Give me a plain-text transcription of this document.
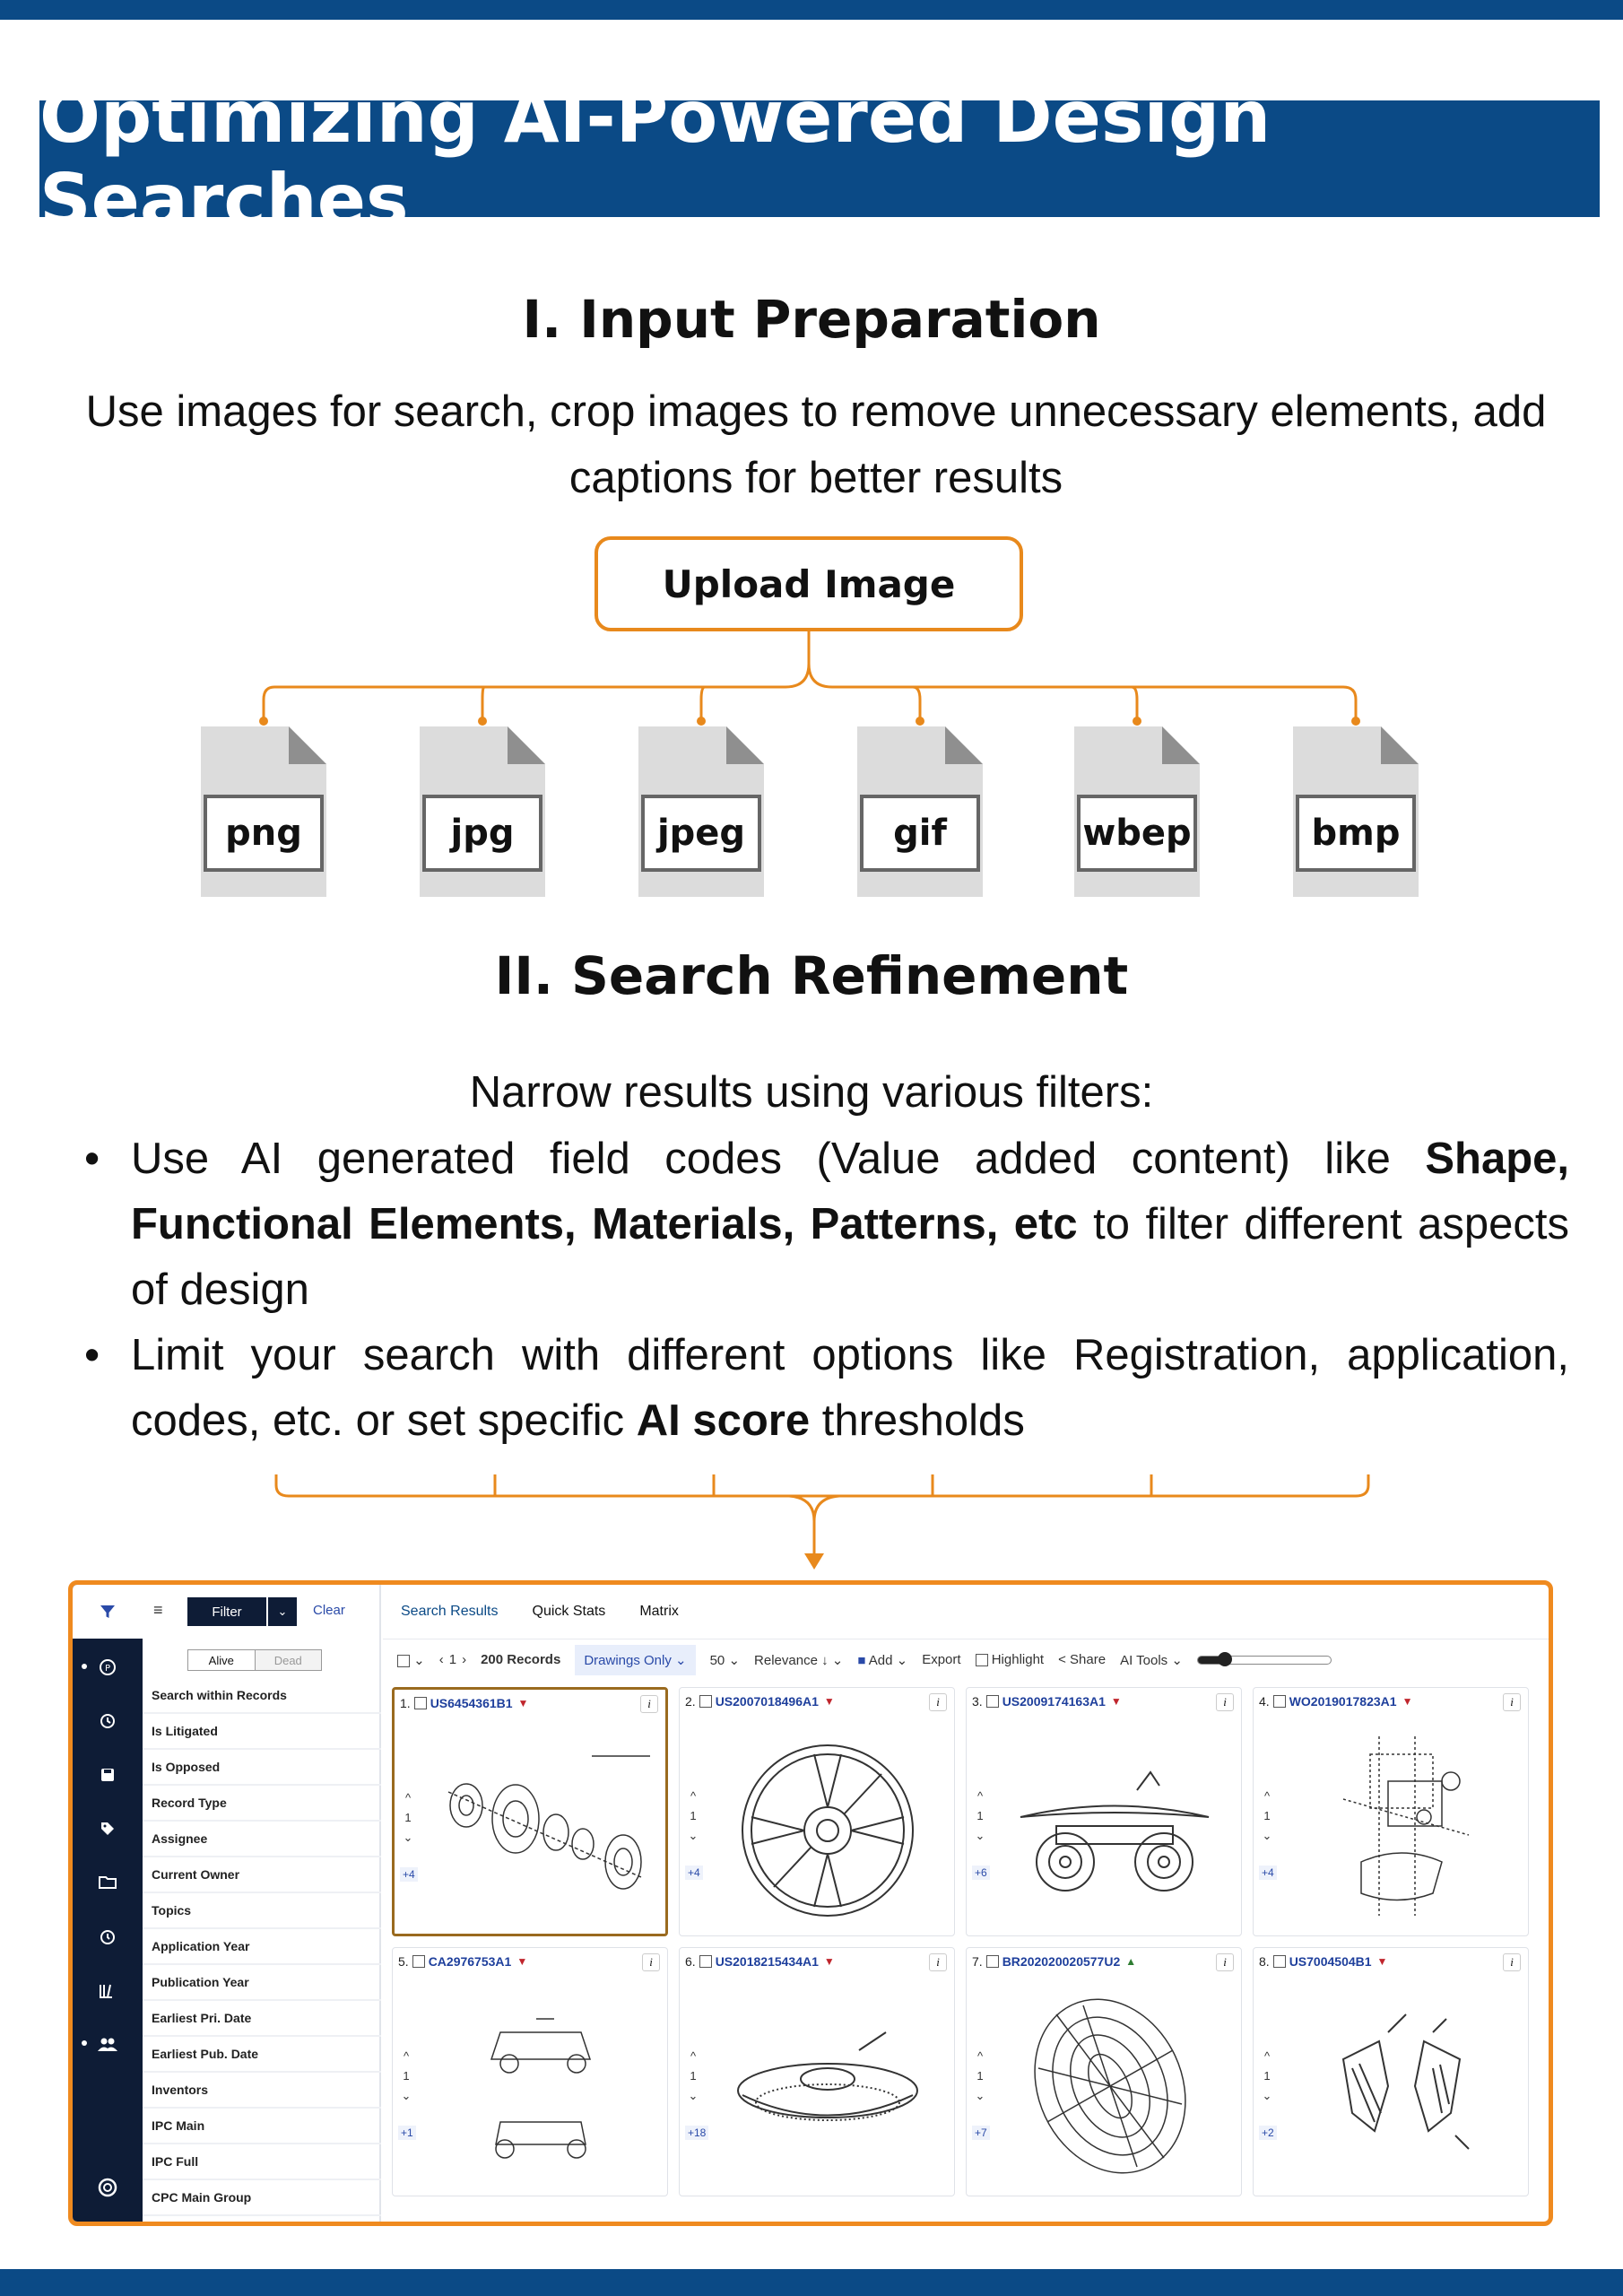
Optimizing AI-Powered Design Searches
I. Input Preparation
Use images for search, crop images to remove unnecessary elements, add captions for better results
Upload Image
png	jpg	jpeg	gif	wbep	bmp
II. Search Refinement
Narrow results using various filters:
• Use AI generated field codes (Value added content) like Shape, Functional Elements, Materials, Patterns, etc to filter different aspects of design
• Limit your search with different options like Registration, application, codes, etc. or set specific AI score thresholds
P
≡	Filter	⌄	Clear
Alive	Dead
Search within Records
Is Litigated
Is Opposed
Record Type
Assignee
Current Owner
Topics
Application Year
Publication Year
Earliest Pri. Date
Earliest Pub. Date
Inventors
IPC Main
IPC Full
CPC Main Group
Search Results Quick Stats Matrix
⌄ ‹ 1 › 200 Records	Drawings Only ⌄	50 ⌄ Relevance ↓ ⌄ ■ Add ⌄ Export	Highlight < Share AI Tools ⌄
1. US6454361B1 ▼	i
^
1
⌄
+4
2. US2007018496A1 ▼	i
^
1
⌄
+4
3. US2009174163A1 ▼	i
^
1
⌄
+6
4. WO2019017823A1 ▼	i
^
1
⌄
+4
5. CA2976753A1 ▼	i
^
1
⌄
+1
6. US2018215434A1 ▼	i
^
1
⌄
+18
7. BR202020020577U2 ▲	i
^
1
⌄
+7
8. US7004504B1 ▼	i
^
1
⌄
+2
